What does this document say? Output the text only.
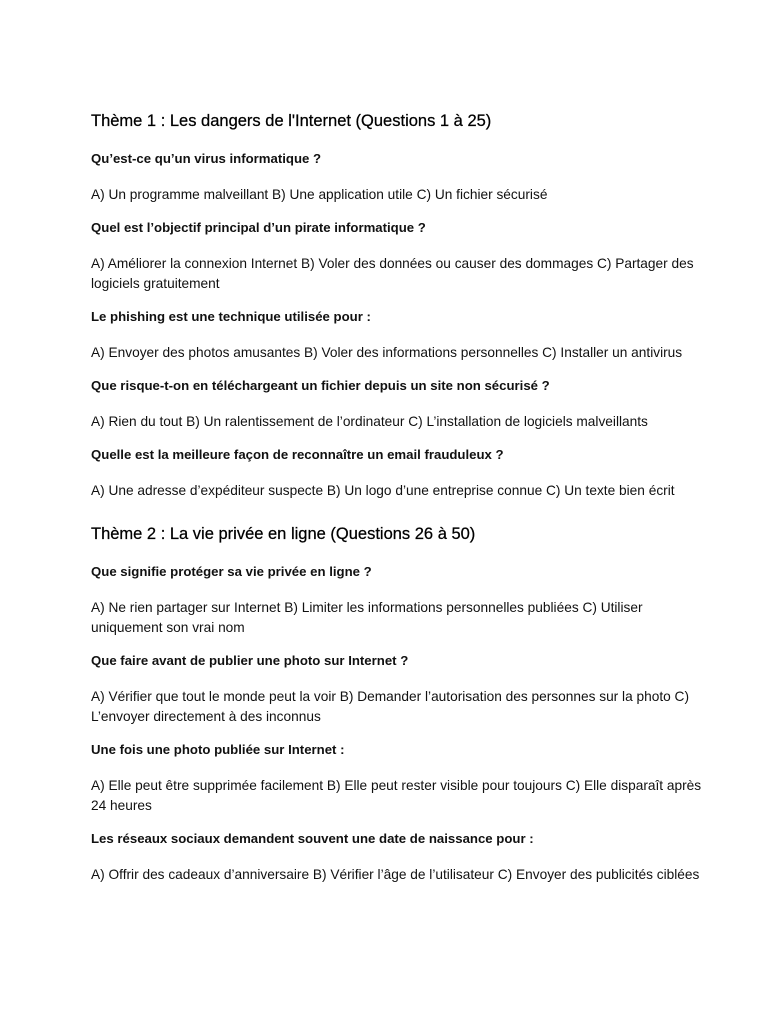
Thème 1 : Les dangers de l'Internet (Questions 1 à 25)

Qu’est-ce qu’un virus informatique ?

A) Un programme malveillant B) Une application utile C) Un fichier sécurisé

Quel est l’objectif principal d’un pirate informatique ?

A) Améliorer la connexion Internet B) Voler des données ou causer des dommages C) Partager des logiciels gratuitement

Le phishing est une technique utilisée pour :

A) Envoyer des photos amusantes B) Voler des informations personnelles C) Installer un antivirus

Que risque-t-on en téléchargeant un fichier depuis un site non sécurisé ?

A) Rien du tout B) Un ralentissement de l’ordinateur C) L’installation de logiciels malveillants

Quelle est la meilleure façon de reconnaître un email frauduleux ?

A) Une adresse d’expéditeur suspecte B) Un logo d’une entreprise connue C) Un texte bien écrit

Thème 2 : La vie privée en ligne (Questions 26 à 50)

Que signifie protéger sa vie privée en ligne ?

A) Ne rien partager sur Internet B) Limiter les informations personnelles publiées C) Utiliser uniquement son vrai nom

Que faire avant de publier une photo sur Internet ?

A) Vérifier que tout le monde peut la voir B) Demander l’autorisation des personnes sur la photo C) L’envoyer directement à des inconnus

Une fois une photo publiée sur Internet :

A) Elle peut être supprimée facilement B) Elle peut rester visible pour toujours C) Elle disparaît après 24 heures

Les réseaux sociaux demandent souvent une date de naissance pour :

A) Offrir des cadeaux d’anniversaire B) Vérifier l’âge de l’utilisateur C) Envoyer des publicités ciblées
